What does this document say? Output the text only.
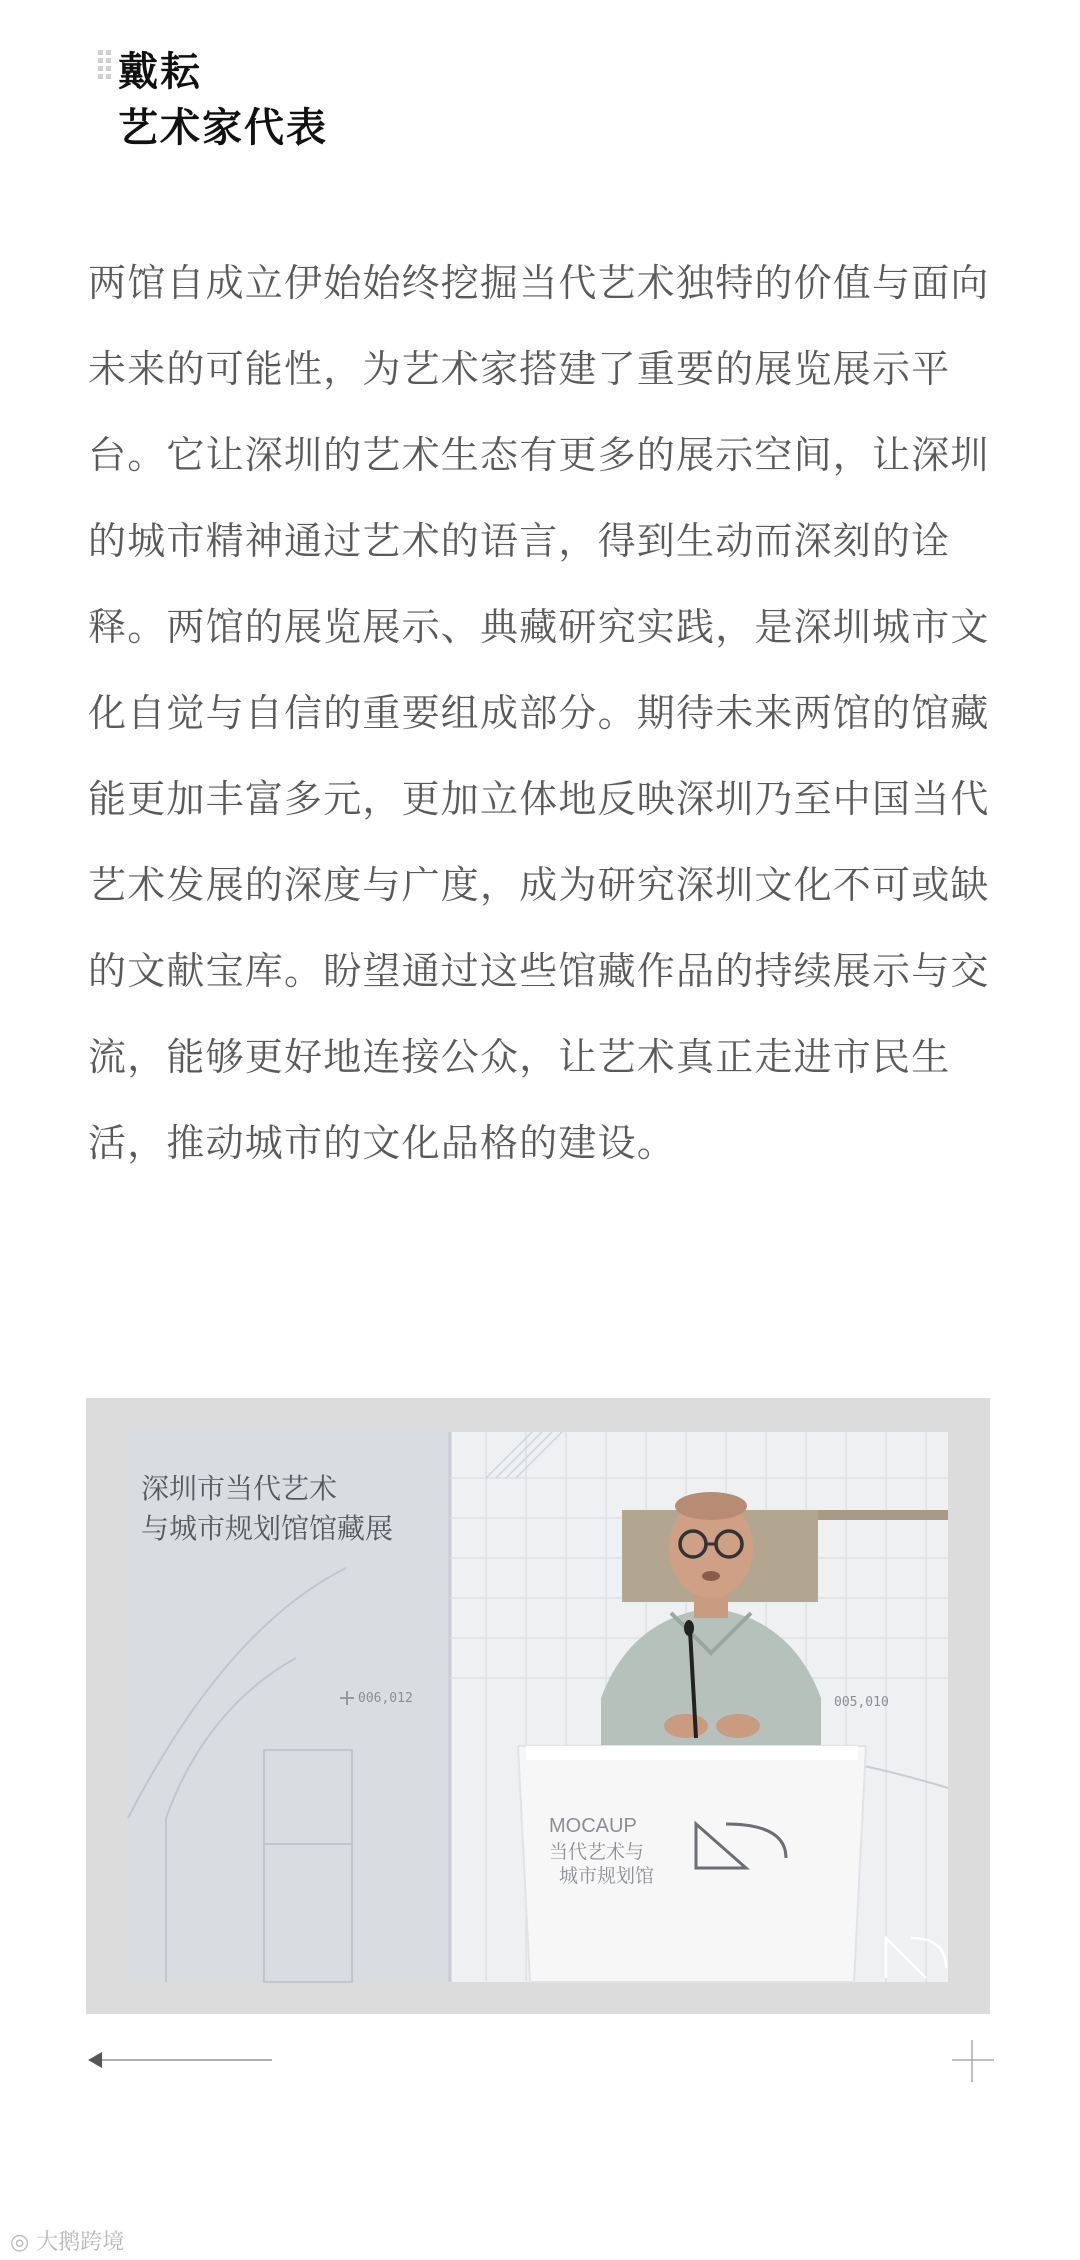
戴耘
艺术家代表

两馆自成立伊始始终挖掘当代艺术独特的价值与面向未来的可能性，为艺术家搭建了重要的展览展示平台。它让深圳的艺术生态有更多的展示空间，让深圳的城市精神通过艺术的语言，得到生动而深刻的诠释。两馆的展览展示、典藏研究实践，是深圳城市文化自觉与自信的重要组成部分。期待未来两馆的馆藏能更加丰富多元，更加立体地反映深圳乃至中国当代艺术发展的深度与广度，成为研究深圳文化不可或缺的文献宝库。盼望通过这些馆藏作品的持续展示与交流，能够更好地连接公众，让艺术真正走进市民生活，推动城市的文化品格的建设。

深圳市当代艺术
与城市规划馆馆藏展
006,012	005,010
MOCAUP
当代艺术与
城市规划馆
◎ 大鹅跨境
